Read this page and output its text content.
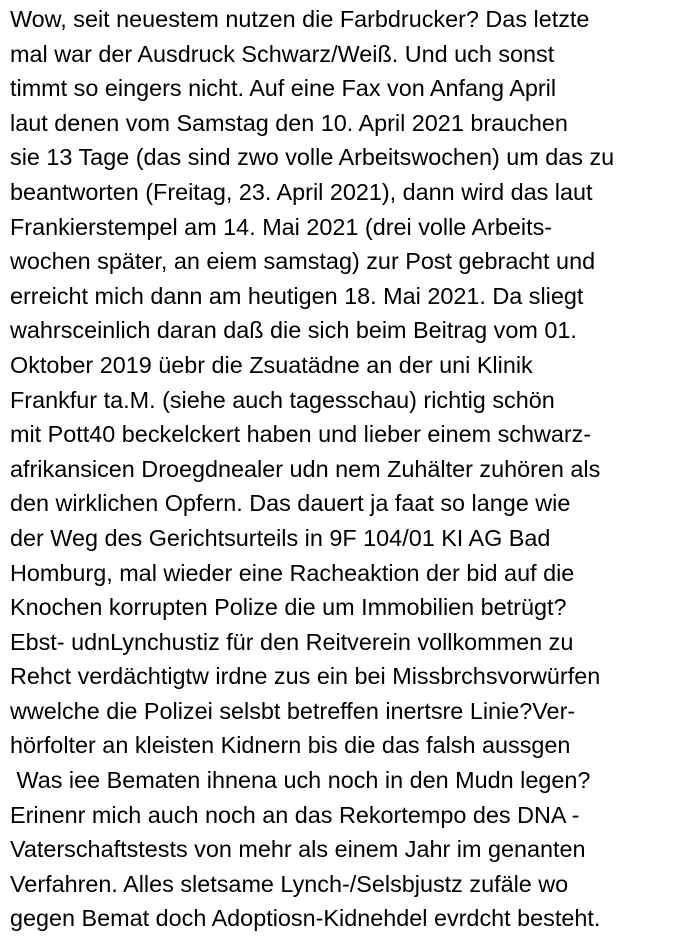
Wow, seit neuestem nutzen die Farbdrucker? Das letzte
mal war der Ausdruck Schwarz/Weiß. Und uch sonst
timmt so eingers nicht. Auf eine Fax von Anfang April
laut denen vom Samstag den 10. April 2021 brauchen
sie 13 Tage (das sind zwo volle Arbeitswochen) um das zu
beantworten (Freitag, 23. April 2021), dann wird das laut
Frankierstempel am 14. Mai 2021 (drei volle Arbeits-
wochen später, an eiem samstag) zur Post gebracht und
erreicht mich dann am heutigen 18. Mai 2021. Da sliegt
wahrsceinlich daran daß die sich beim Beitrag vom 01.
Oktober 2019 üebr die Zsuatädne an der uni Klinik
Frankfur ta.M. (siehe auch tagesschau) richtig schön
mit Pott40 beckelckert haben und lieber einem schwarz-
afrikansicen Droegdnealer udn nem Zuhälter zuhören als
den wirklichen Opfern. Das dauert ja faat so lange wie
der Weg des Gerichtsurteils in 9F 104/01 KI AG Bad
Homburg, mal wieder eine Racheaktion der bid auf die
Knochen korrupten Polize die um Immobilien betrügt?
Ebst- udnLynchustiz für den Reitverein vollkommen zu
Rehct verdächtigtw irdne zus ein bei Missbrchsvorwürfen
wwelche die Polizei selsbt betreffen inertsre Linie?Ver-
hörfolter an kleisten Kidnern bis die das falsh aussgen
Was iee Bematen ihnena uch noch in den Mudn legen?
Erinenr mich auch noch an das Rekortempo des DNA -
Vaterschaftstests von mehr als einem Jahr im genanten
Verfahren. Alles sletsame Lynch-/Selsbjustz zufäle wo
gegen Bemat doch Adoptiosn-Kidnehdel evrdcht besteht.
